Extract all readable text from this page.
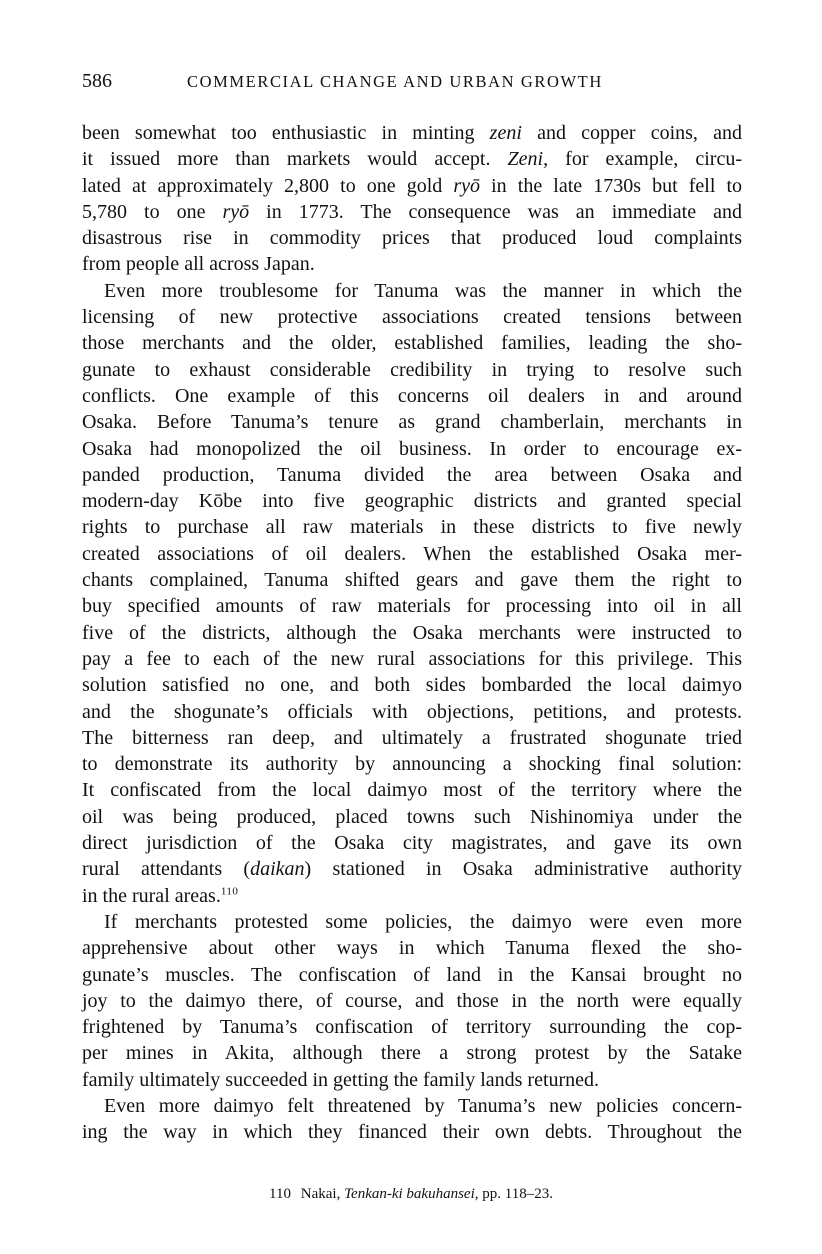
586	COMMERCIAL CHANGE AND URBAN GROWTH
been somewhat too enthusiastic in minting zeni and copper coins, and
it issued more than markets would accept. Zeni, for example, circu-
lated at approximately 2,800 to one gold ryō in the late 1730s but fell to
5,780 to one ryō in 1773. The consequence was an immediate and
disastrous rise in commodity prices that produced loud complaints
from people all across Japan.
Even more troublesome for Tanuma was the manner in which the
licensing of new protective associations created tensions between
those merchants and the older, established families, leading the sho-
gunate to exhaust considerable credibility in trying to resolve such
conflicts. One example of this concerns oil dealers in and around
Osaka. Before Tanuma’s tenure as grand chamberlain, merchants in
Osaka had monopolized the oil business. In order to encourage ex-
panded production, Tanuma divided the area between Osaka and
modern-day Kōbe into five geographic districts and granted special
rights to purchase all raw materials in these districts to five newly
created associations of oil dealers. When the established Osaka mer-
chants complained, Tanuma shifted gears and gave them the right to
buy specified amounts of raw materials for processing into oil in all
five of the districts, although the Osaka merchants were instructed to
pay a fee to each of the new rural associations for this privilege. This
solution satisfied no one, and both sides bombarded the local daimyo
and the shogunate’s officials with objections, petitions, and protests.
The bitterness ran deep, and ultimately a frustrated shogunate tried
to demonstrate its authority by announcing a shocking final solution:
It confiscated from the local daimyo most of the territory where the
oil was being produced, placed towns such Nishinomiya under the
direct jurisdiction of the Osaka city magistrates, and gave its own
rural attendants (daikan) stationed in Osaka administrative authority
in the rural areas.$^{110}$
If merchants protested some policies, the daimyo were even more
apprehensive about other ways in which Tanuma flexed the sho-
gunate’s muscles. The confiscation of land in the Kansai brought no
joy to the daimyo there, of course, and those in the north were equally
frightened by Tanuma’s confiscation of territory surrounding the cop-
per mines in Akita, although there a strong protest by the Satake
family ultimately succeeded in getting the family lands returned.
Even more daimyo felt threatened by Tanuma’s new policies concern-
ing the way in which they financed their own debts. Throughout the
110 Nakai, Tenkan-ki bakuhansei, pp. 118–23.
